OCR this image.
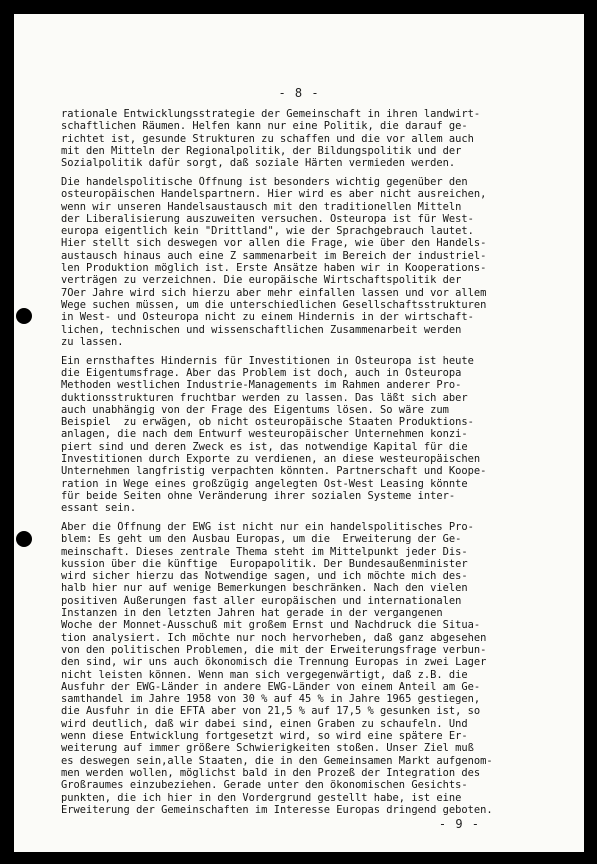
- 8 -
rationale Entwicklungsstrategie der Gemeinschaft in ihren landwirt-
schaftlichen Räumen. Helfen kann nur eine Politik, die darauf ge-
richtet ist, gesunde Strukturen zu schaffen und die vor allem auch
mit den Mitteln der Regionalpolitik, der Bildungspolitik und der
Sozialpolitik dafür sorgt, daß soziale Härten vermieden werden.
Die handelspolitische Öffnung ist besonders wichtig gegenüber den
osteuropäischen Handelspartnern. Hier wird es aber nicht ausreichen,
wenn wir unseren Handelsaustausch mit den traditionellen Mitteln
der Liberalisierung auszuweiten versuchen. Osteuropa ist für West-
europa eigentlich kein "Drittland", wie der Sprachgebrauch lautet.
Hier stellt sich deswegen vor allen die Frage, wie über den Handels-
austausch hinaus auch eine Z sammenarbeit im Bereich der industriel-
len Produktion möglich ist. Erste Ansätze haben wir in Kooperations-
verträgen zu verzeichnen. Die europäische Wirtschaftspolitik der
7Oer Jahre wird sich hierzu aber mehr einfallen lassen und vor allem
Wege suchen müssen, um die unterschiedlichen Gesellschaftsstrukturen
in West- und Osteuropa nicht zu einem Hindernis in der wirtschaft-
lichen, technischen und wissenschaftlichen Zusammenarbeit werden
zu lassen.
Ein ernsthaftes Hindernis für Investitionen in Osteuropa ist heute
die Eigentumsfrage. Aber das Problem ist doch, auch in Osteuropa
Methoden westlichen Industrie-Managements im Rahmen anderer Pro-
duktionsstrukturen fruchtbar werden zu lassen. Das läßt sich aber
auch unabhängig von der Frage des Eigentums lösen. So wäre zum
Beispiel  zu erwägen, ob nicht osteuropäische Staaten Produktions-
anlagen, die nach dem Entwurf westeuropäischer Unternehmen konzi-
piert sind und deren Zweck es ist, das notwendige Kapital für die
Investitionen durch Exporte zu verdienen, an diese westeuropäischen
Unternehmen langfristig verpachten könnten. Partnerschaft und Koope-
ration in Wege eines großzügig angelegten Ost-West Leasing könnte
für beide Seiten ohne Veränderung ihrer sozialen Systeme inter-
essant sein.
Aber die Öffnung der EWG ist nicht nur ein handelspolitisches Pro-
blem: Es geht um den Ausbau Europas, um die  Erweiterung der Ge-
meinschaft. Dieses zentrale Thema steht im Mittelpunkt jeder Dis-
kussion über die künftige  Europapolitik. Der Bundesaußenminister
wird sicher hierzu das Notwendige sagen, und ich möchte mich des-
halb hier nur auf wenige Bemerkungen beschränken. Nach den vielen
positiven Äußerungen fast aller europäischen und internationalen
Instanzen in den letzten Jahren hat gerade in der vergangenen
Woche der Monnet-Ausschuß mit großem Ernst und Nachdruck die Situa-
tion analysiert. Ich möchte nur noch hervorheben, daß ganz abgesehen
von den politischen Problemen, die mit der Erweiterungsfrage verbun-
den sind, wir uns auch ökonomisch die Trennung Europas in zwei Lager
nicht leisten können. Wenn man sich vergegenwärtigt, daß z.B. die
Ausfuhr der EWG-Länder in andere EWG-Länder von einem Anteil am Ge-
samthandel im Jahre 1958 von 30 % auf 45 % in Jahre 1965 gestiegen,
die Ausfuhr in die EFTA aber von 21,5 % auf 17,5 % gesunken ist, so
wird deutlich, daß wir dabei sind, einen Graben zu schaufeln. Und
wenn diese Entwicklung fortgesetzt wird, so wird eine spätere Er-
weiterung auf immer größere Schwierigkeiten stoßen. Unser Ziel muß
es deswegen sein,alle Staaten, die in den Gemeinsamen Markt aufgenom-
men werden wollen, möglichst bald in den Prozeß der Integration des
Großraumes einzubeziehen. Gerade unter den ökonomischen Gesichts-
punkten, die ich hier in den Vordergrund gestellt habe, ist eine
Erweiterung der Gemeinschaften im Interesse Europas dringend geboten.
- 9 -
